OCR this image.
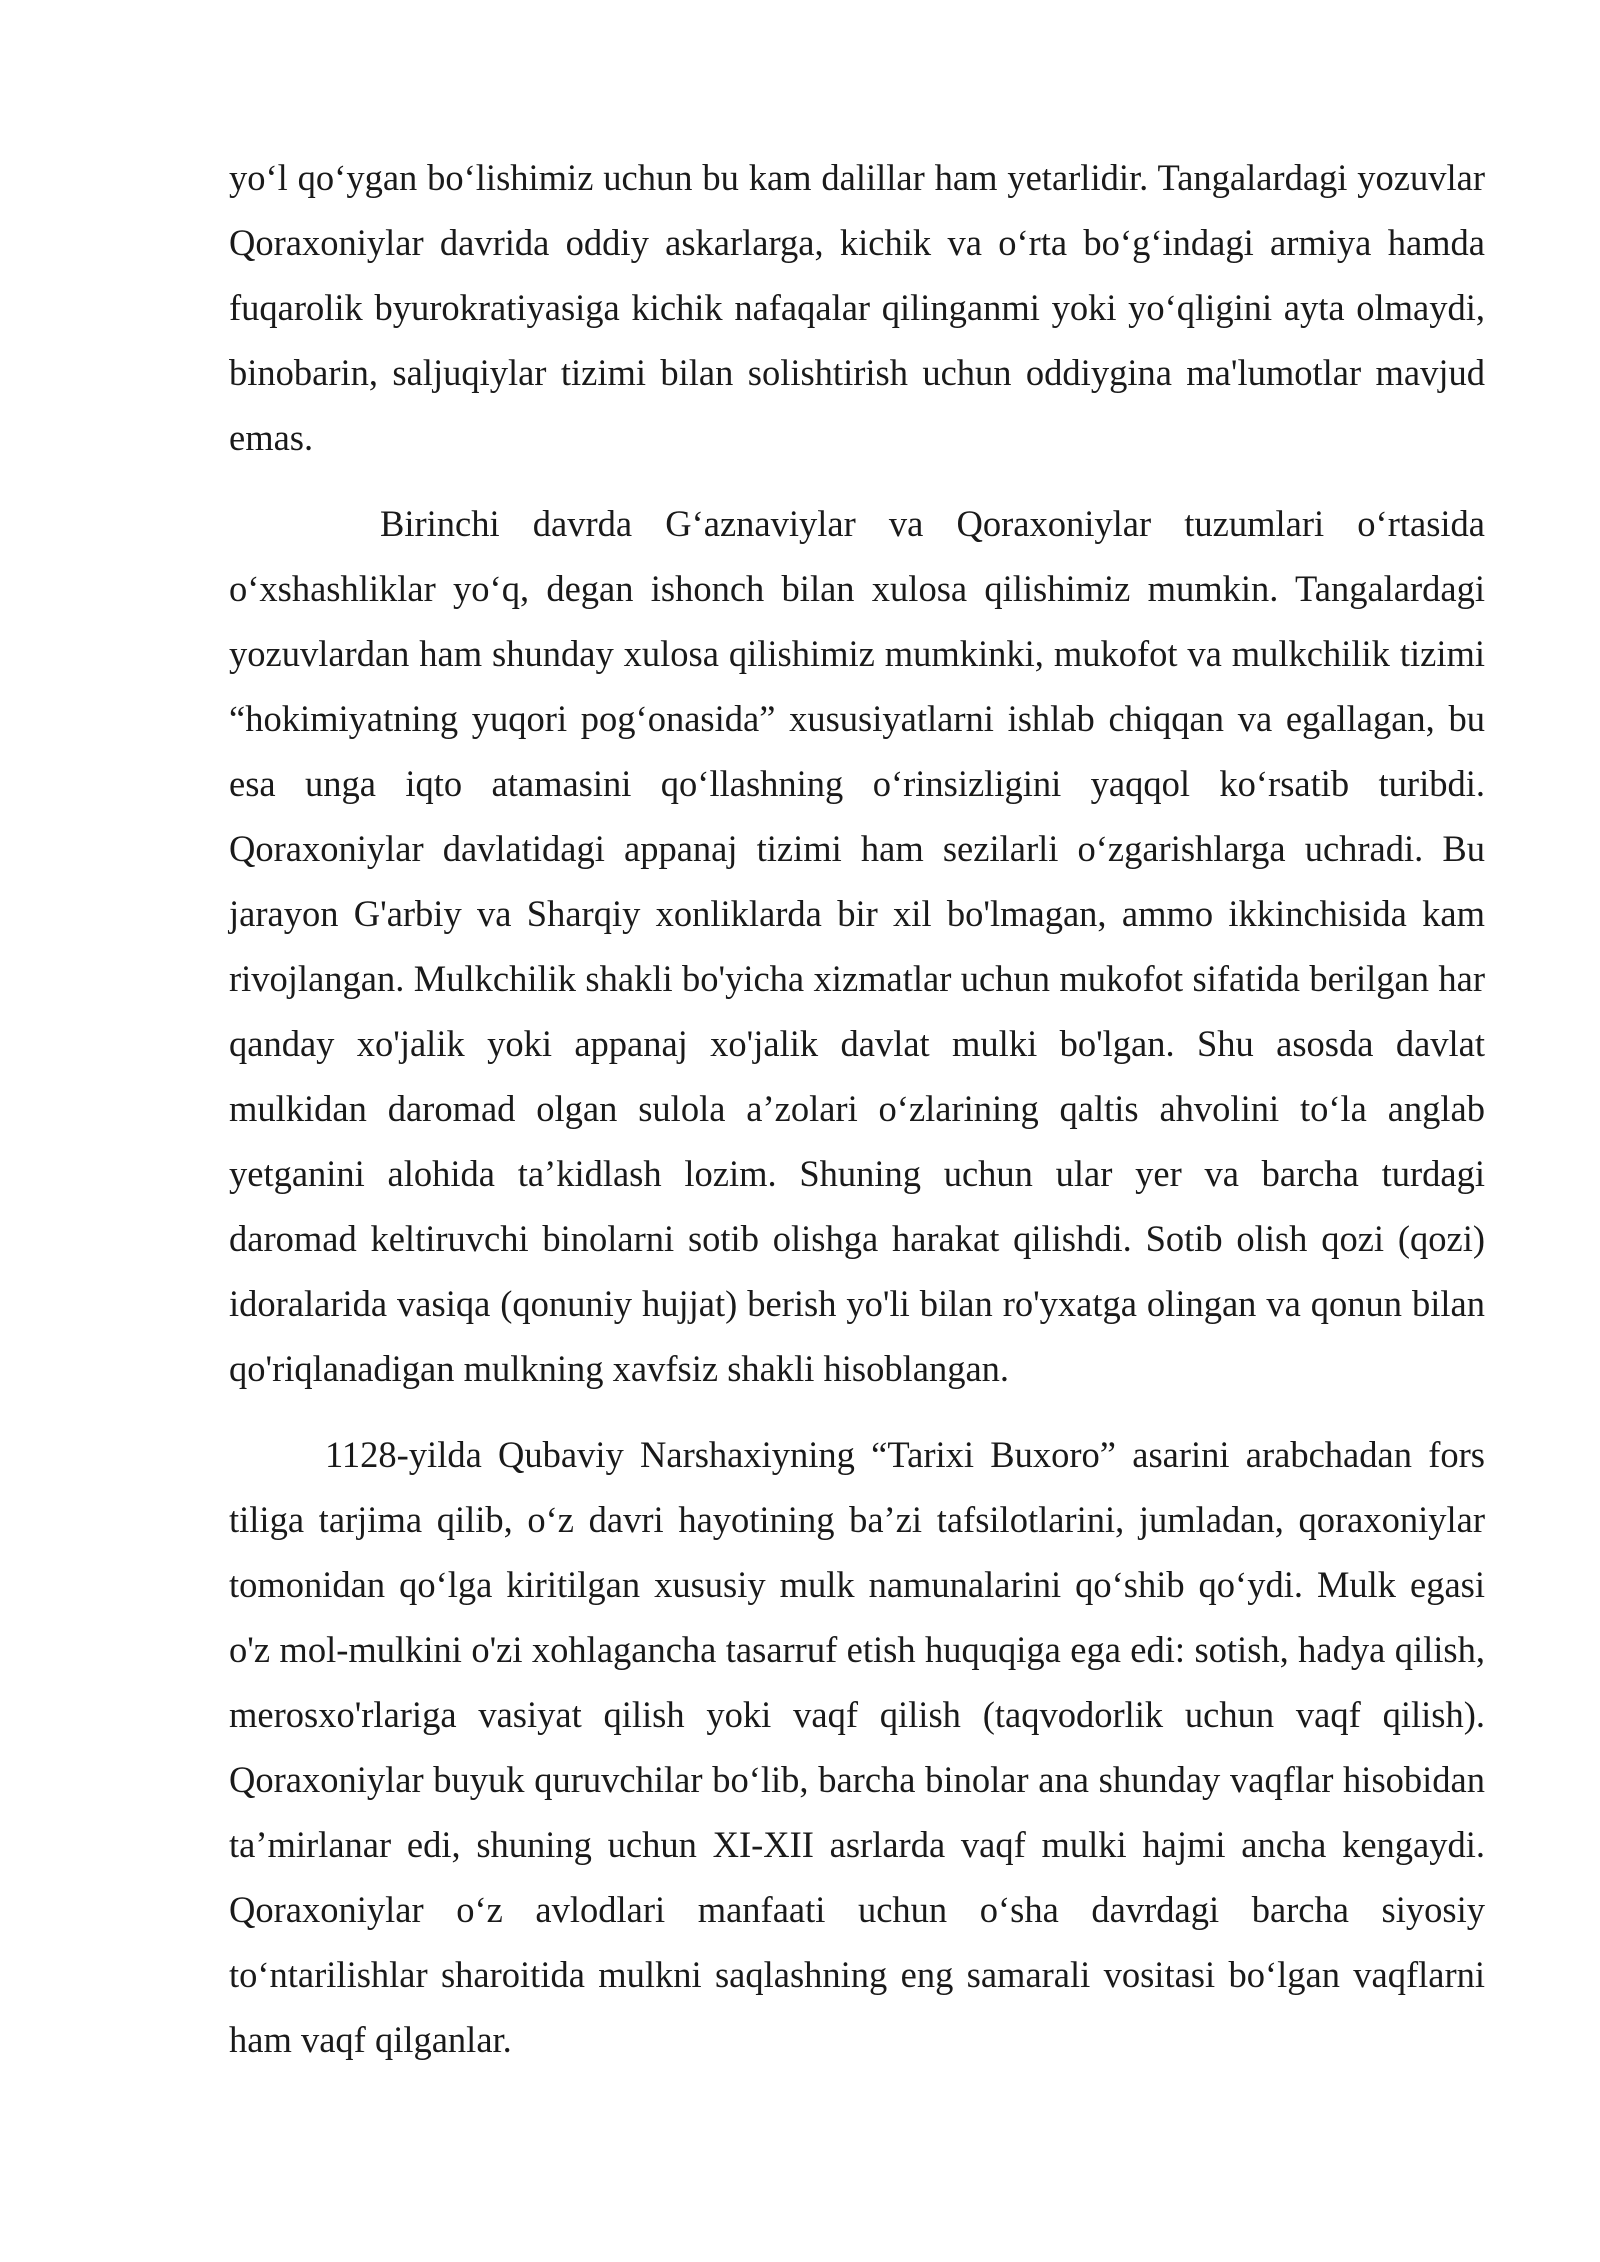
yo‘l qo‘ygan bo‘lishimiz uchun bu kam dalillar ham yetarlidir. Tangalardagi yozuvlar Qoraxoniylar davrida oddiy askarlarga, kichik va o‘rta bo‘g‘indagi armiya hamda fuqarolik byurokratiyasiga kichik nafaqalar qilinganmi yoki yo‘qligini ayta olmaydi, binobarin, saljuqiylar tizimi bilan solishtirish uchun oddiygina ma'lumotlar mavjud emas.

Birinchi davrda G‘aznaviylar va Qoraxoniylar tuzumlari o‘rtasida o‘xshashliklar yo‘q, degan ishonch bilan xulosa qilishimiz mumkin. Tangalardagi yozuvlardan ham shunday xulosa qilishimiz mumkinki, mukofot va mulkchilik tizimi “hokimiyatning yuqori pog‘onasida” xususiyatlarni ishlab chiqqan va egallagan, bu esa unga iqto atamasini qo‘llashning o‘rinsizligini yaqqol ko‘rsatib turibdi. Qoraxoniylar davlatidagi appanaj tizimi ham sezilarli o‘zgarishlarga uchradi. Bu jarayon G'arbiy va Sharqiy xonliklarda bir xil bo'lmagan, ammo ikkinchisida kam rivojlangan. Mulkchilik shakli bo'yicha xizmatlar uchun mukofot sifatida berilgan har qanday xo'jalik yoki appanaj xo'jalik davlat mulki bo'lgan. Shu asosda davlat mulkidan daromad olgan sulola a’zolari o‘zlarining qaltis ahvolini to‘la anglab yetganini alohida ta’kidlash lozim. Shuning uchun ular yer va barcha turdagi daromad keltiruvchi binolarni sotib olishga harakat qilishdi. Sotib olish qozi (qozi) idoralarida vasiqa (qonuniy hujjat) berish yo'li bilan ro'yxatga olingan va qonun bilan qo'riqlanadigan mulkning xavfsiz shakli hisoblangan.

1128-yilda Qubaviy Narshaxiyning “Tarixi Buxoro” asarini arabchadan fors tiliga tarjima qilib, o‘z davri hayotining ba’zi tafsilotlarini, jumladan, qoraxoniylar tomonidan qo‘lga kiritilgan xususiy mulk namunalarini qo‘shib qo‘ydi. Mulk egasi o'z mol-mulkini o'zi xohlagancha tasarruf etish huquqiga ega edi: sotish, hadya qilish, merosxo'rlariga vasiyat qilish yoki vaqf qilish (taqvodorlik uchun vaqf qilish). Qoraxoniylar buyuk quruvchilar bo‘lib, barcha binolar ana shunday vaqflar hisobidan ta’mirlanar edi, shuning uchun XI-XII asrlarda vaqf mulki hajmi ancha kengaydi. Qoraxoniylar o‘z avlodlari manfaati uchun o‘sha davrdagi barcha siyosiy to‘ntarilishlar sharoitida mulkni saqlashning eng samarali vositasi bo‘lgan vaqflarni ham vaqf qilganlar.
